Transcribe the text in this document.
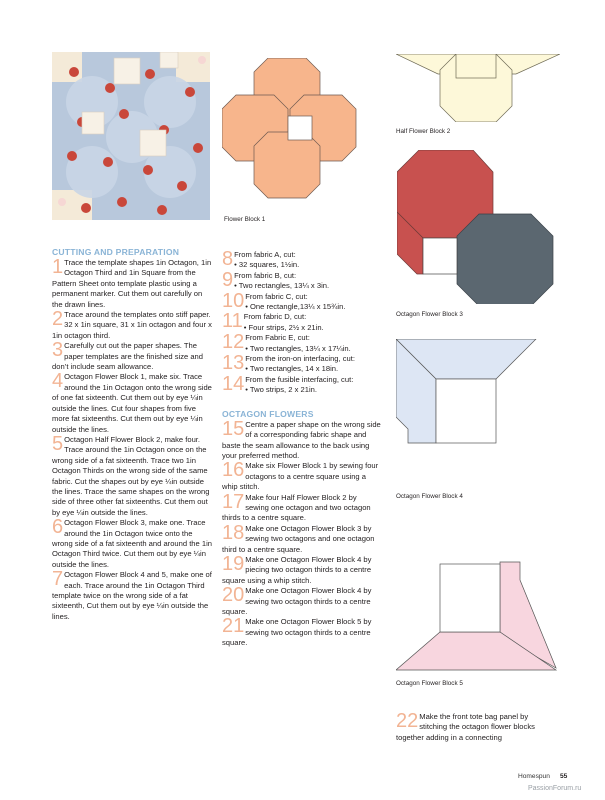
Flower Block 1
Half Flower Block 2
Octagon Flower Block 3
Octagon Flower Block 4
Octagon Flower Block 5

CUTTING AND PREPARATION

1 Trace the template shapes 1in Octagon, 1in Octagon Third and 1in Square from the Pattern Sheet onto template plastic using a permanent marker. Cut them out carefully on the drawn lines.
2 Trace around the templates onto stiff paper. 32 x 1in square, 31 x 1in octagon and four x 1in octagon third.
3 Carefully cut out the paper shapes. The paper templates are the finished size and don’t include seam allowance.
4 Octagon Flower Block 1, make six. Trace around the 1in Octagon onto the wrong side of one fat sixteenth. Cut them out by eye ¼in outside the lines. Cut four shapes from five more fat sixteenths. Cut them out by eye ¼in outside the lines.
5 Octagon Half Flower Block 2, make four. Trace around the 1in Octagon once on the wrong side of a fat sixteenth. Trace two 1in Octagon Thirds on the wrong side of the same fabric. Cut the shapes out by eye ¼in outside the lines. Trace the same shapes on the wrong side of three other fat sixteenths. Cut them out by eye ¼in outside the lines.
6 Octagon Flower Block 3, make one. Trace around the 1in Octagon twice onto the wrong side of a fat sixteenth and around the 1in Octagon Third twice. Cut them out by eye ¼in outside the lines.
7 Octagon Flower Block 4 and 5, make one of each. Trace around the 1in Octagon Third template twice on the wrong side of a fat sixteenth, Cut them out by eye ¼in outside the lines.
8 From fabric A, cut:
• 32 squares, 1½in.
9 From fabric B, cut:
• Two rectangles, 13¼ x 3in.
10 From fabric C, cut:
• One rectangle,13¼ x 15¾in.
11 From fabric D, cut:
• Four strips, 2½ x 21in.
12 From Fabric E, cut:
• Two rectangles, 13¼ x 17¼in.
13 From the iron-on interfacing, cut:
• Two rectangles, 14 x 18in.
14 From the fusible interfacing, cut:
• Two strips, 2 x 21in.

OCTAGON FLOWERS

15 Centre a paper shape on the wrong side of a corresponding fabric shape and baste the seam allowance to the back using your preferred method.
16 Make six Flower Block 1 by sewing four octagons to a centre square using a whip stitch.
17 Make four Half Flower Block 2 by sewing one octagon and two octagon thirds to a centre square.
18 Make one Octagon Flower Block 3 by sewing two octagons and one octagon third to a centre square.
19 Make one Octagon Flower Block 4 by piecing two octagon thirds to a centre square using a whip stitch.
20 Make one Octagon Flower Block 4 by sewing two octagon thirds to a centre square.
21 Make one Octagon Flower Block 5 by sewing two octagon thirds to a centre square.
22 Make the front tote bag panel by stitching the octagon flower blocks together adding in a connecting
Homespun 55
PassionForum.ru
